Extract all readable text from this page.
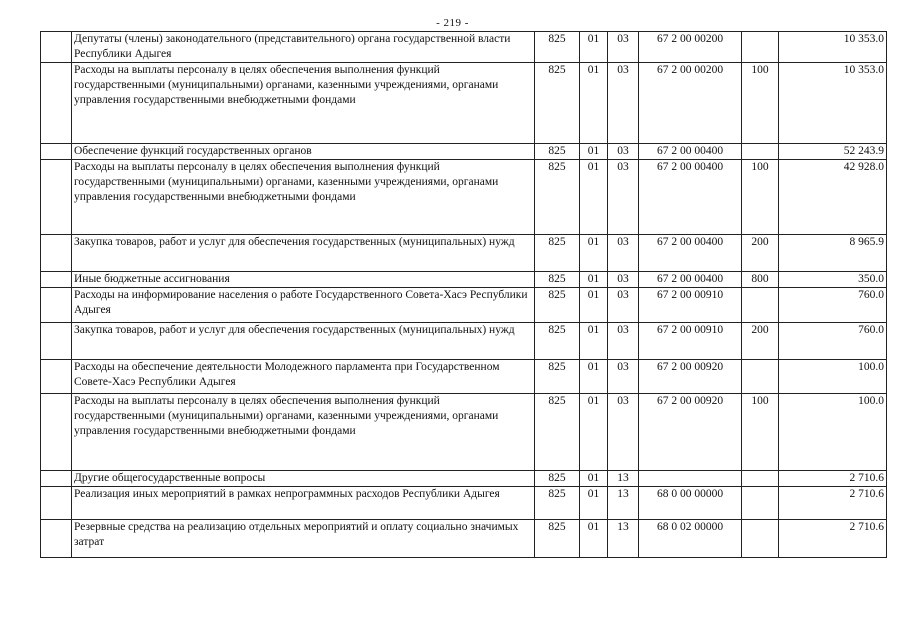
- 219 -
	Депутаты (члены) законодательного (представительного) органа государственной власти Республики Адыгея	825	01	03	67 2 00 00200		10 353.0
	Расходы на выплаты персоналу в целях обеспечения выполнения функций государственными (муниципальными) органами, казенными учреждениями, органами управления государственными внебюджетными фондами	825	01	03	67 2 00 00200	100	10 353.0
	Обеспечение функций государственных органов	825	01	03	67 2 00 00400		52 243.9
	Расходы на выплаты персоналу в целях обеспечения выполнения функций государственными (муниципальными) органами, казенными учреждениями, органами управления государственными внебюджетными фондами	825	01	03	67 2 00 00400	100	42 928.0
	Закупка товаров, работ и услуг для обеспечения государственных (муниципальных) нужд	825	01	03	67 2 00 00400	200	8 965.9
	Иные бюджетные ассигнования	825	01	03	67 2 00 00400	800	350.0
	Расходы на информирование населения о работе Государственного Совета-Хасэ Республики Адыгея	825	01	03	67 2 00 00910		760.0
	Закупка товаров, работ и услуг для обеспечения государственных (муниципальных) нужд	825	01	03	67 2 00 00910	200	760.0
	Расходы на обеспечение деятельности Молодежного парламента при Государственном Совете-Хасэ Республики Адыгея	825	01	03	67 2 00 00920		100.0
	Расходы на выплаты персоналу в целях обеспечения выполнения функций государственными (муниципальными) органами, казенными учреждениями, органами управления государственными внебюджетными фондами	825	01	03	67 2 00 00920	100	100.0
	Другие общегосударственные вопросы	825	01	13			2 710.6
	Реализация иных мероприятий в рамках непрограммных расходов Республики Адыгея	825	01	13	68 0 00 00000		2 710.6
	Резервные средства на реализацию отдельных мероприятий и оплату социально значимых затрат	825	01	13	68 0 02 00000		2 710.6
